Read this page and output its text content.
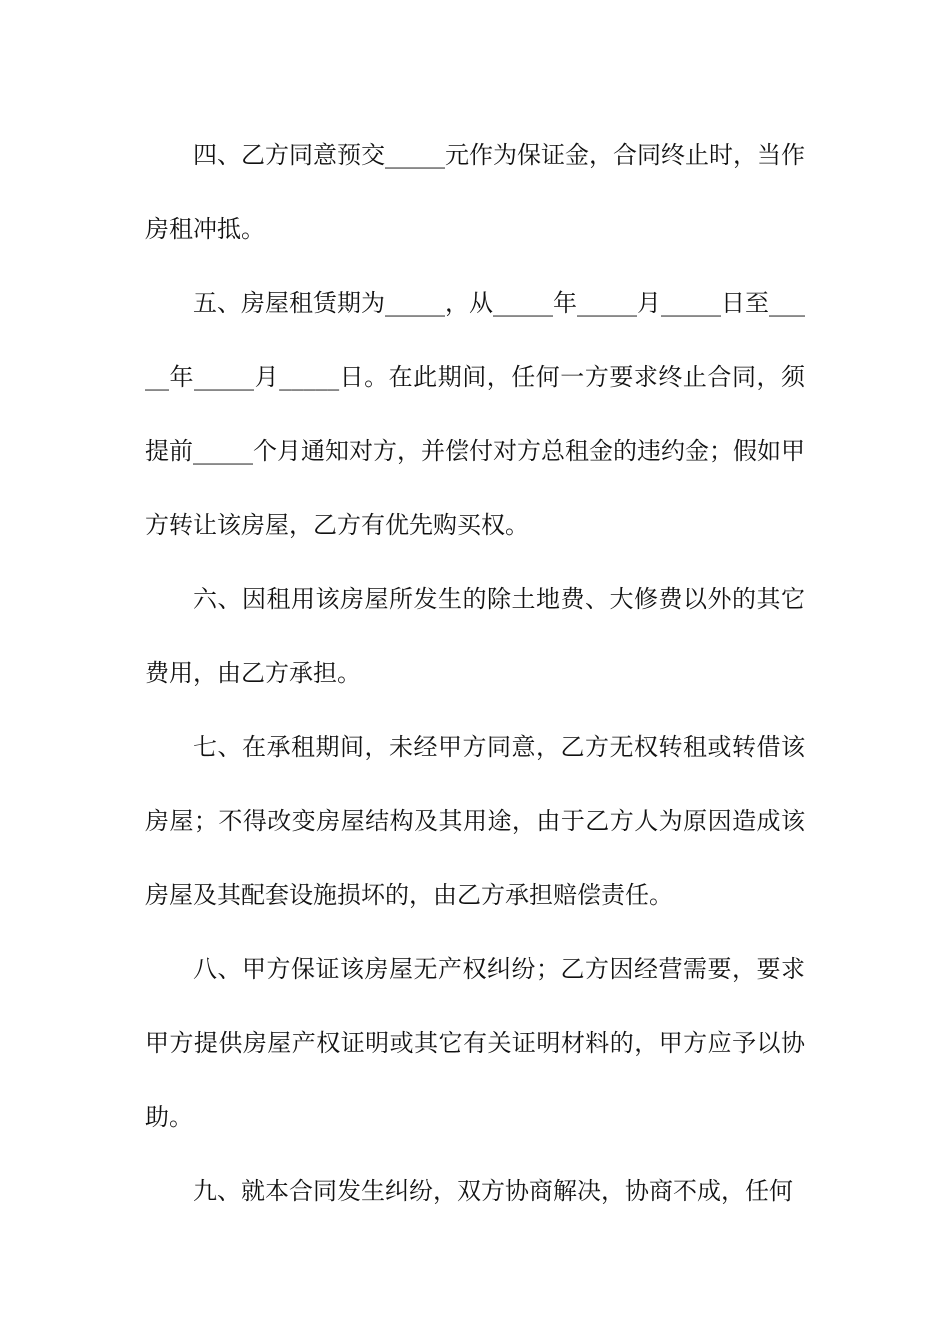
四、乙方同意预交_____元作为保证金，合同终止时，当作房租冲抵。

五、房屋租赁期为_____，从_____年_____月_____日至_____年_____月_____日。在此期间，任何一方要求终止合同，须提前_____个月通知对方，并偿付对方总租金的违约金；假如甲方转让该房屋，乙方有优先购买权。

六、因租用该房屋所发生的除土地费、大修费以外的其它费用，由乙方承担。

七、在承租期间，未经甲方同意，乙方无权转租或转借该房屋；不得改变房屋结构及其用途，由于乙方人为原因造成该房屋及其配套设施损坏的，由乙方承担赔偿责任。

八、甲方保证该房屋无产权纠纷；乙方因经营需要，要求甲方提供房屋产权证明或其它有关证明材料的，甲方应予以协助。

九、就本合同发生纠纷，双方协商解决，协商不成，任何
